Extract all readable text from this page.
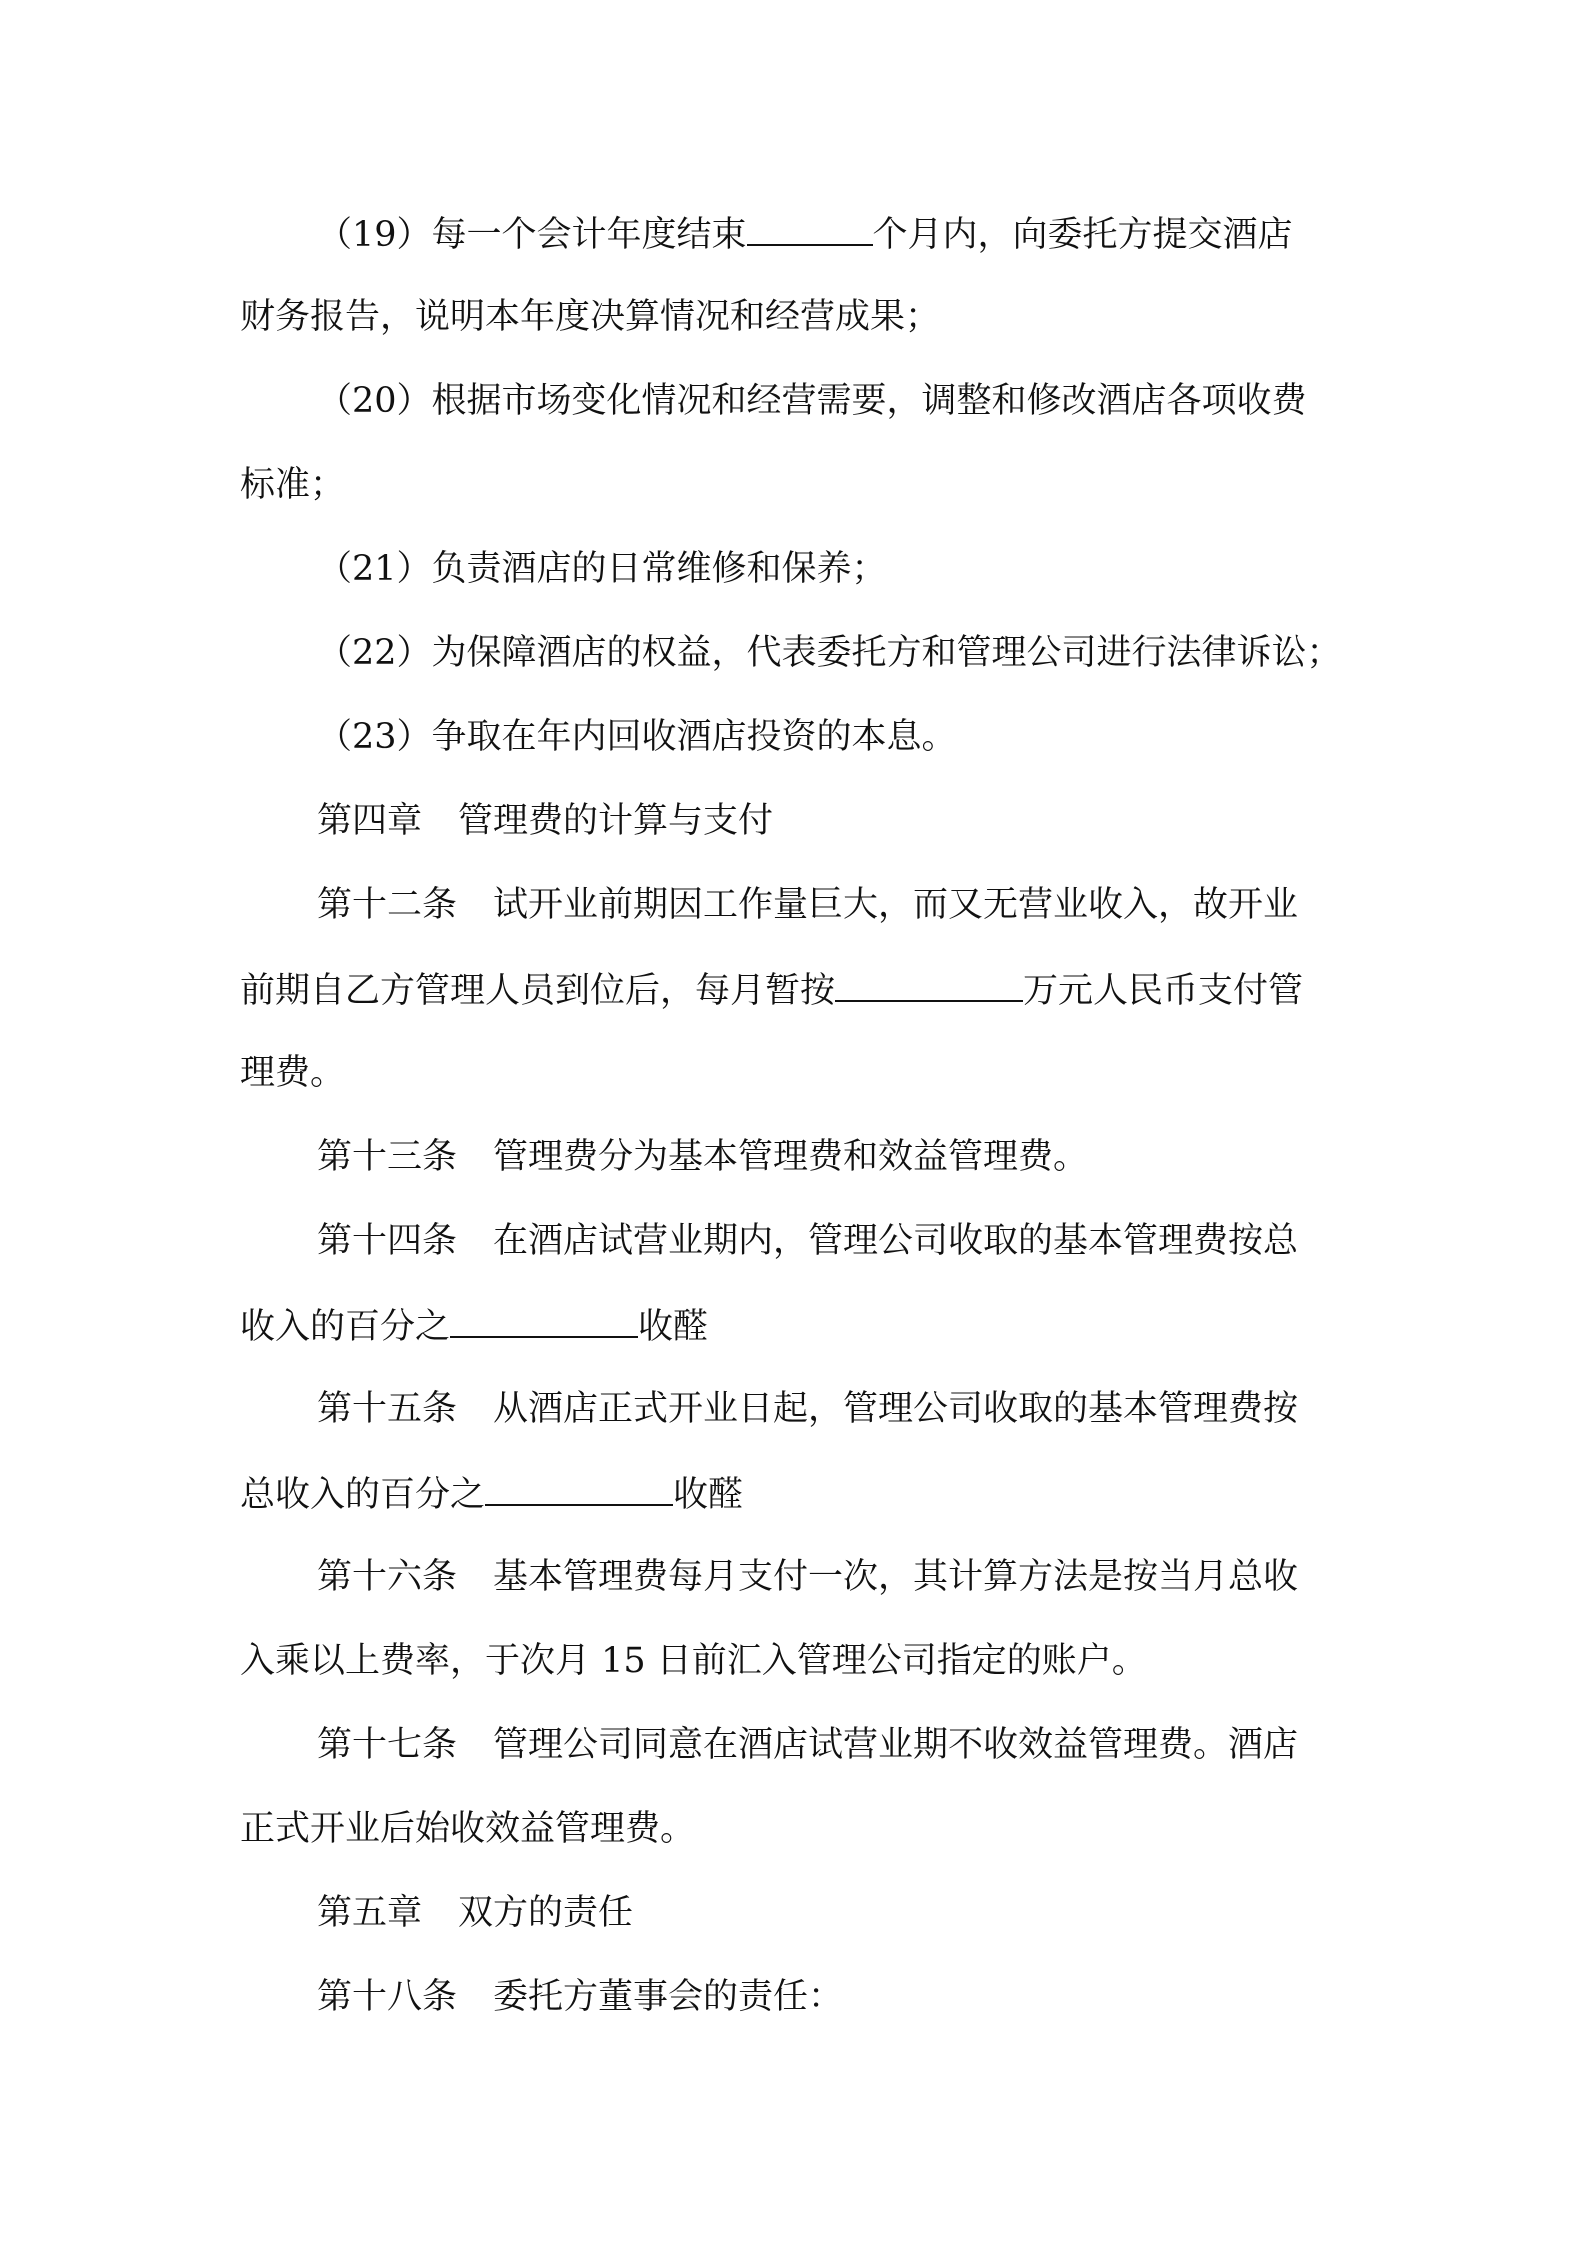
（19）每一个会计年度结束	个月内，向委托方提交酒店

财务报告，说明本年度决算情况和经营成果；

（20）根据市场变化情况和经营需要，调整和修改酒店各项收费

标准；

（21）负责酒店的日常维修和保养；

（22）为保障酒店的权益，代表委托方和管理公司进行法律诉讼；

（23）争取在年内回收酒店投资的本息。

第四章 管理费的计算与支付

第十二条 试开业前期因工作量巨大，而又无营业收入，故开业

前期自乙方管理人员到位后，每月暂按	万元人民币支付管

理费。

第十三条 管理费分为基本管理费和效益管理费。

第十四条 在酒店试营业期内，管理公司收取的基本管理费按总

收入的百分之	收醛

第十五条 从酒店正式开业日起，管理公司收取的基本管理费按

总收入的百分之	收醛

第十六条 基本管理费每月支付一次，其计算方法是按当月总收

入乘以上费率，于次月 15 日前汇入管理公司指定的账户。

第十七条 管理公司同意在酒店试营业期不收效益管理费。酒店

正式开业后始收效益管理费。

第五章 双方的责任

第十八条 委托方董事会的责任：
